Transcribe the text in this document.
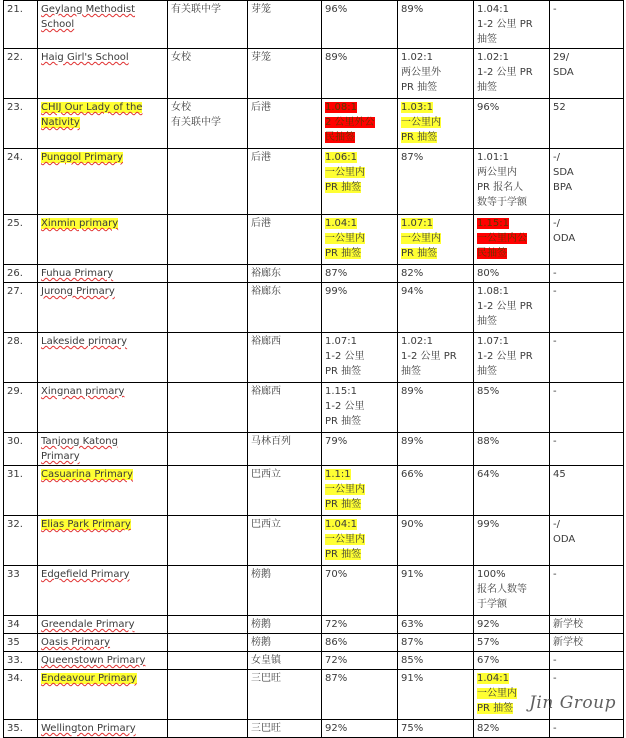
21.	Geylang Methodist
School	有关联中学	芽笼	96%	89%	1.04:1
1-2 公里 PR
抽签	-
22.	Haig Girl's School	女校	芽笼	89%	1.02:1
两公里外
PR 抽签	1.02:1
1-2 公里 PR
抽签	29/
SDA
23.	CHIJ Our Lady of the
Nativity	女校
有关联中学	后港	1.08:1
2 公里外公
民抽签	1.03:1
一公里内
PR 抽签	96%	52
24.	Punggol Primary		后港	1.06:1
一公里内
PR 抽签	87%	1.01:1
两公里内
PR 报名人
数等于学额	-/
SDA
BPA
25.	Xinmin primary		后港	1.04:1
一公里内
PR 抽签	1.07:1
一公里内
PR 抽签	1.15:1
一公里内公
民抽签	-/
ODA
26.	Fuhua Primary		裕廊东	87%	82%	80%	-
27.	Jurong Primary		裕廊东	99%	94%	1.08:1
1-2 公里 PR
抽签	-
28.	Lakeside primary		裕廊西	1.07:1
1-2 公里
PR 抽签	1.02:1
1-2 公里 PR
抽签	1.07:1
1-2 公里 PR
抽签	-
29.	Xingnan primary		裕廊西	1.15:1
1-2 公里
PR 抽签	89%	85%	-
30.	Tanjong Katong
Primary		马林百列	79%	89%	88%	-
31.	Casuarina Primary		巴西立	1.1:1
一公里内
PR 抽签	66%	64%	45
32.	Elias Park Primary		巴西立	1.04:1
一公里内
PR 抽签	90%	99%	-/
ODA
33	Edgefield Primary		榜鹅	70%	91%	100%
报名人数等
于学额	-
34	Greendale Primary		榜鹅	72%	63%	92%	新学校
35	Oasis Primary		榜鹅	86%	87%	57%	新学校
33.	Queenstown Primary		女皇镇	72%	85%	67%	-
34.	Endeavour Primary		三巴旺	87%	91%	1.04:1
一公里内
PR 抽签	-
35.	Wellington Primary		三巴旺	92%	75%	82%	-
Jin Group
